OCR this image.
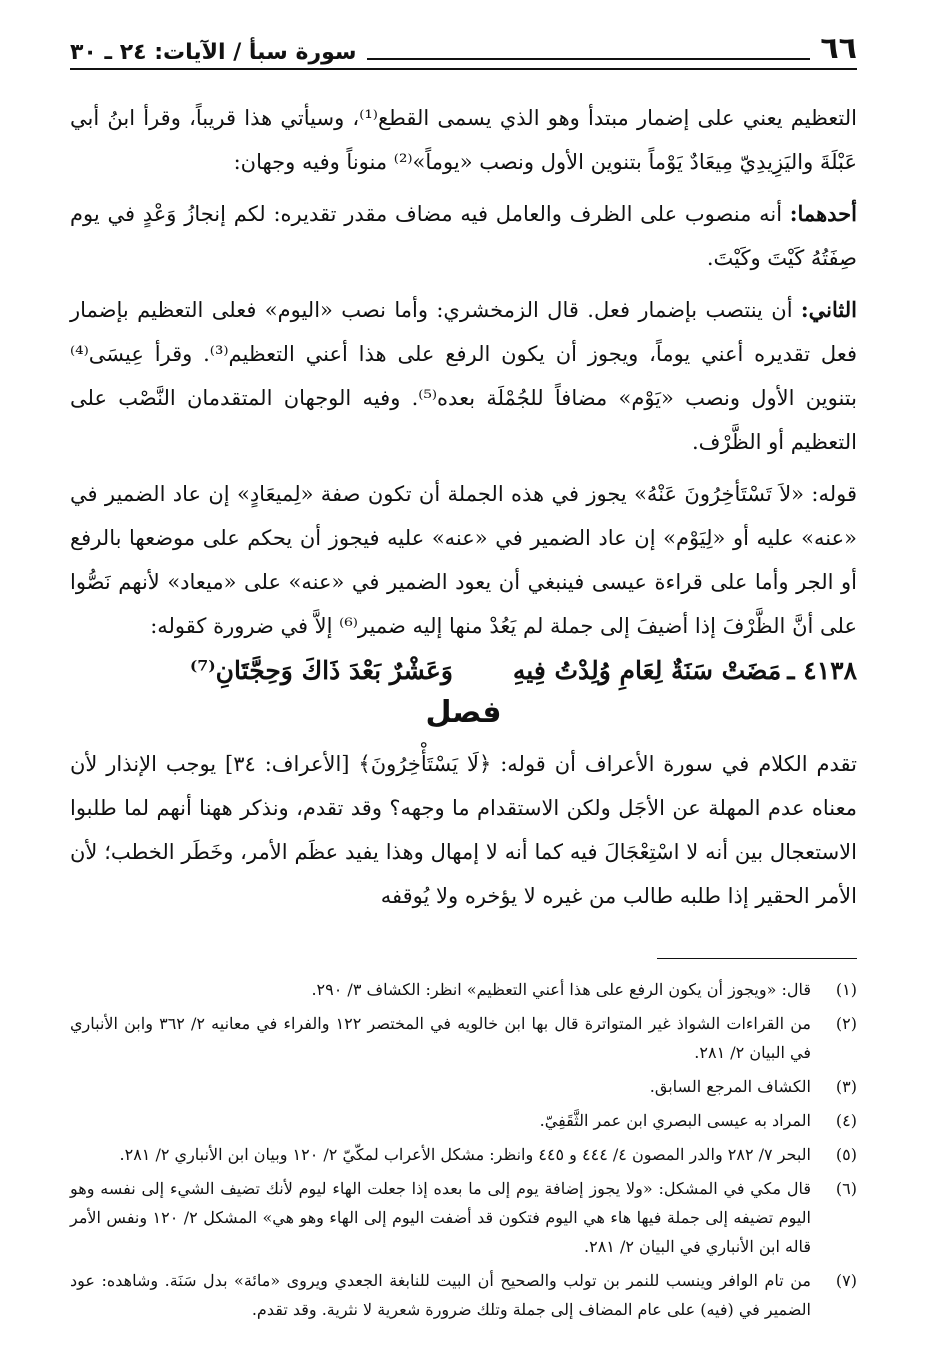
٦٦
سورة سبأ / الآيات: ٢٤ ـ ٣٠

التعظيم يعني على إضمار مبتدأ وهو الذي يسمى القطع⁽¹⁾، وسيأتي هذا قريباً، وقرأ ابنُ أبي عَبْلَةَ واليَزِيدِيّ مِيعَادٌ يَوْماً بتنوين الأول ونصب «يوماً»⁽²⁾ منوناً وفيه وجهان:

أحدهما: أنه منصوب على الظرف والعامل فيه مضاف مقدر تقديره: لكم إنجازُ وَعْدٍ في يوم صِفَتُهُ كَيْتَ وكَيْتَ.

الثاني: أن ينتصب بإضمار فعل. قال الزمخشري: وأما نصب «اليوم» فعلى التعظيم بإضمار فعل تقديره أعني يوماً، ويجوز أن يكون الرفع على هذا أعني التعظيم⁽³⁾. وقرأ عِيسَى⁽⁴⁾ بتنوين الأول ونصب «يَوْم» مضافاً للجُمْلَة بعده⁽⁵⁾. وفيه الوجهان المتقدمان النَّصْب على التعظيم أو الظَّرْف.

قوله: «لاَ تَسْتَأخِرُونَ عَنْهُ» يجوز في هذه الجملة أن تكون صفة «لِميعَادٍ» إن عاد الضمير في «عنه» عليه أو «لِيَوْم» إن عاد الضمير في «عنه» عليه فيجوز أن يحكم على موضعها بالرفع أو الجر وأما على قراءة عيسى فينبغي أن يعود الضمير في «عنه» على «ميعاد» لأنهم نَصُّوا على أنَّ الظَّرْفَ إذا أضيفَ إلى جملة لم يَعُدْ منها إليه ضمير⁽⁶⁾ إلاَّ في ضرورة كقوله:

٤١٣٨ ـ
مَضَتْ سَنَةٌ لِعَامِ وُلِدْتُ فِيهِ
وَعَشْرٌ بَعْدَ ذَاكَ وَحِجَّتَانِ⁽⁷⁾
فصل

تقدم الكلام في سورة الأعراف أن قوله: ﴿لَا يَسْتَأْخِرُونَ﴾ [الأعراف: ٣٤] يوجب الإنذار لأن معناه عدم المهلة عن الأجَل ولكن الاستقدام ما وجهه؟ وقد تقدم، ونذكر ههنا أنهم لما طلبوا الاستعجال بين أنه لا اسْتِعْجَالَ فيه كما أنه لا إمهال وهذا يفيد عظَم الأمر، وخَطَر الخطب؛ لأن الأمر الحقير إذا طلبه طالب من غيره لا يؤخره ولا يُوقفه

(١)
قال: «ويجوز أن يكون الرفع على هذا أعني التعظيم» انظر: الكشاف ٣/ ٢٩٠.
(٢)
من القراءات الشواذ غير المتواترة قال بها ابن خالويه في المختصر ١٢٢ والفراء في معانيه ٢/ ٣٦٢ وابن الأنباري في البيان ٢/ ٢٨١.
(٣)
الكشاف المرجع السابق.
(٤)
المراد به عيسى البصري ابن عمر الثَّقَفِيّ.
(٥)
البحر ٧/ ٢٨٢ والدر المصون ٤/ ٤٤٤ و ٤٤٥ وانظر: مشكل الأعراب لمكّيّ ٢/ ١٢٠ وبيان ابن الأنباري ٢/ ٢٨١.
(٦)
قال مكي في المشكل: «ولا يجوز إضافة يوم إلى ما بعده إذا جعلت الهاء ليوم لأنك تضيف الشيء إلى نفسه وهو اليوم تضيفه إلى جملة فيها هاء هي اليوم فتكون قد أضفت اليوم إلى الهاء وهو هي» المشكل ٢/ ١٢٠ ونفس الأمر قاله ابن الأنباري في البيان ٢/ ٢٨١.
(٧)
من تام الوافر وينسب للنمر بن تولب والصحيح أن البيت للنابغة الجعدي ويروى «مائة» بدل سَنَة. وشاهده: عود الضمير في (فيه) على عام المضاف إلى جملة وتلك ضرورة شعرية لا نثرية. وقد تقدم.
